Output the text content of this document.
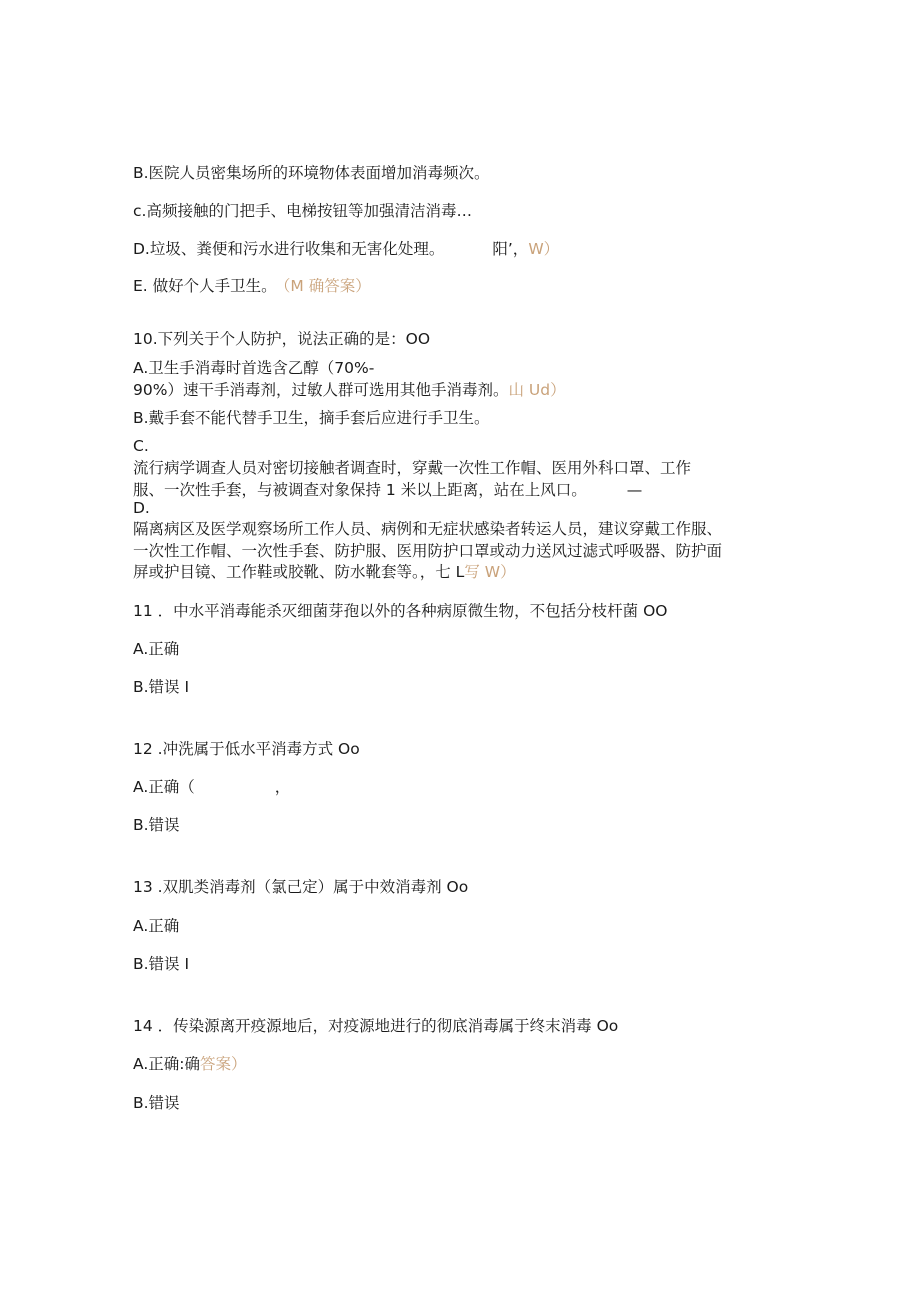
B.医院人员密集场所的环境物体表面增加消毒频次。
c.高频接触的门把手、电梯按钮等加强清洁消毒…
D.垃圾、粪便和污水进行收集和无害化处理。	阳’，W）
E. 做好个人手卫生。 （M 确答案）
10.下列关于个人防护，说法正确的是：OO
A.卫生手消毒时首选含乙醇（70%-
90%）速干手消毒剂，过敏人群可选用其他手消毒剂。山 Ud）
B.戴手套不能代替手卫生，摘手套后应进行手卫生。
C.
流行病学调查人员对密切接触者调查时，穿戴一次性工作帽、医用外科口罩、工作
服、一次性手套，与被调查对象保持 1 米以上距离，站在上风口。	—
D.
隔离病区及医学观察场所工作人员、病例和无症状感染者转运人员，建议穿戴工作服、
一次性工作帽、一次性手套、防护服、医用防护口罩或动力送风过滤式呼吸器、防护面
屏或护目镜、工作鞋或胶靴、防水靴套等。，七 L写 W）
11 ．中水平消毒能杀灭细菌芽孢以外的各种病原微生物，不包括分枝杆菌 OO
A.正确
B.错误 I
12 .冲洗属于低水平消毒方式 Oo
A.正确（	，
B.错误
13 .双肌类消毒剂（氯己定）属于中效消毒剂 Oo
A.正确
B.错误 I
14 ．传染源离开疫源地后，对疫源地进行的彻底消毒属于终末消毒 Oo
A.正确:确答案）
B.错误
